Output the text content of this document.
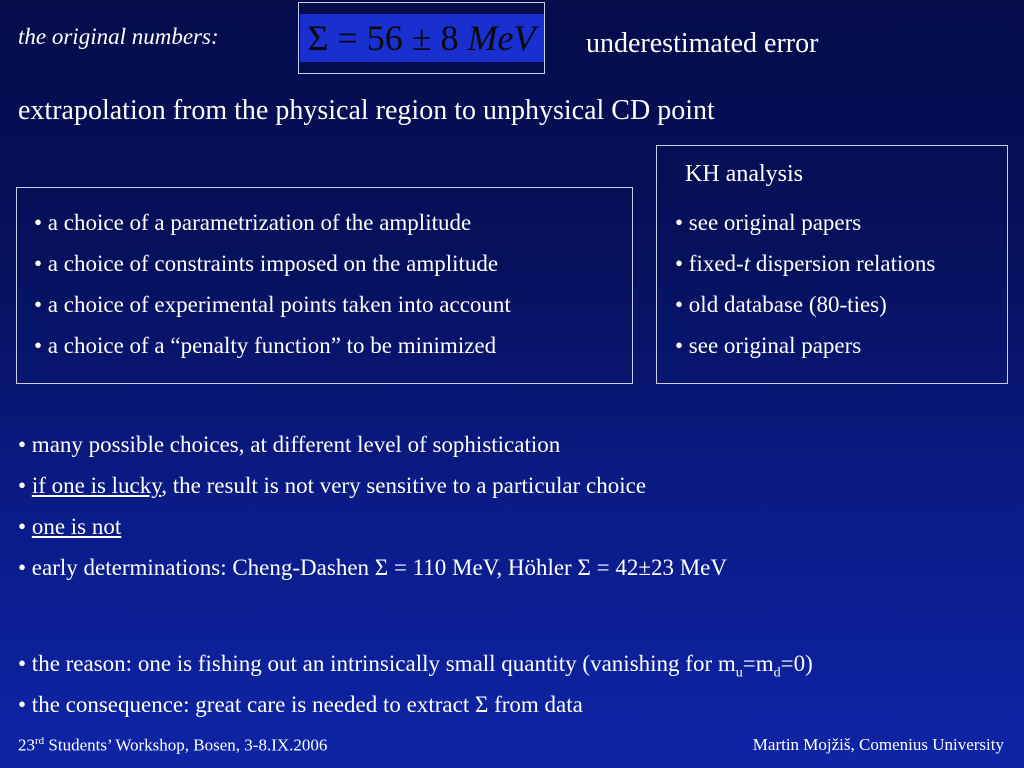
the original numbers: Σ = 56 ± 8 MeV underestimated error
extrapolation from the physical region to unphysical CD point
• a choice of a parametrization of the amplitude
• a choice of constraints imposed on the amplitude
• a choice of experimental points taken into account
• a choice of a “penalty function” to be minimized
KH analysis
• see original papers
• fixed-t dispersion relations
• old database (80-ties)
• see original papers
• many possible choices, at different level of sophistication
• if one is lucky, the result is not very sensitive to a particular choice
• one is not
• early determinations: Cheng-Dashen Σ = 110 MeV, Höhler Σ = 42±23 MeV
• the reason: one is fishing out an intrinsically small quantity (vanishing for $m_u=m_d=0$)
• the consequence: great care is needed to extract Σ from data
23rd Students’ Workshop, Bosen, 3-8.IX.2006	Martin Mojžiš, Comenius University
